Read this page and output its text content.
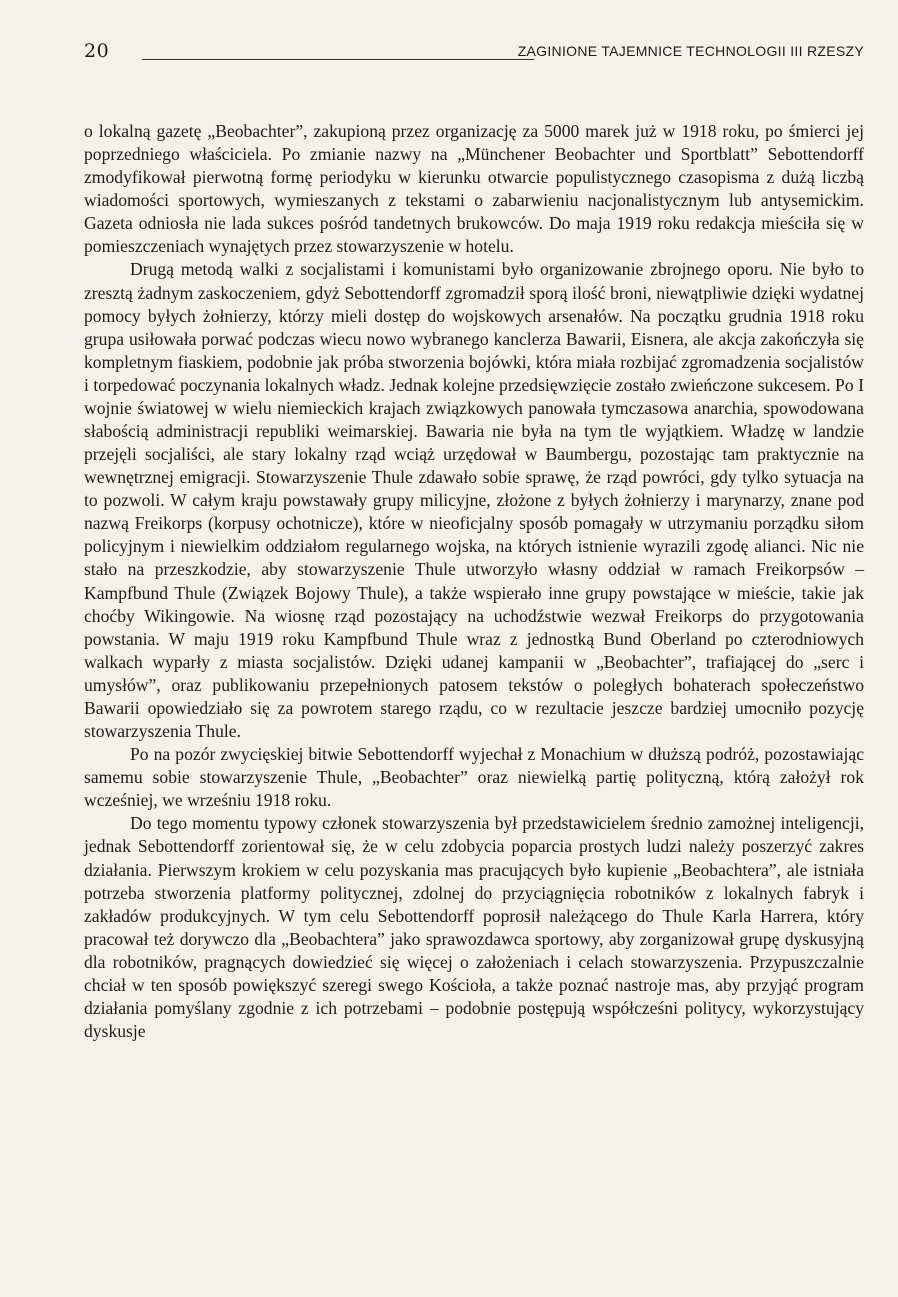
20	ZAGINIONE TAJEMNICE TECHNOLOGII III RZESZY

o lokalną gazetę „Beobachter”, zakupioną przez organizację za 5000 marek już w 1918 roku, po śmierci jej poprzedniego właściciela. Po zmianie nazwy na „Münchener Beobachter und Sportblatt” Sebottendorff zmodyfikował pierwotną formę periodyku w kierunku otwarcie populistycznego czasopisma z dużą liczbą wiadomości sportowych, wymieszanych z tekstami o zabarwieniu nacjonalistycznym lub antysemickim. Gazeta odniosła nie lada sukces pośród tandetnych brukowców. Do maja 1919 roku redakcja mieściła się w pomieszczeniach wynajętych przez stowarzyszenie w hotelu.

Drugą metodą walki z socjalistami i komunistami było organizowanie zbrojnego oporu. Nie było to zresztą żadnym zaskoczeniem, gdyż Sebottendorff zgromadził sporą ilość broni, niewątpliwie dzięki wydatnej pomocy byłych żołnierzy, którzy mieli dostęp do wojskowych arsenałów. Na początku grudnia 1918 roku grupa usiłowała porwać podczas wiecu nowo wybranego kanclerza Bawarii, Eisnera, ale akcja zakończyła się kompletnym fiaskiem, podobnie jak próba stworzenia bojówki, która miała rozbijać zgromadzenia socjalistów i torpedować poczynania lokalnych władz. Jednak kolejne przedsięwzięcie zostało zwieńczone sukcesem. Po I wojnie światowej w wielu niemieckich krajach związkowych panowała tymczasowa anarchia, spowodowana słabością administracji republiki weimarskiej. Bawaria nie była na tym tle wyjątkiem. Władzę w landzie przejęli socjaliści, ale stary lokalny rząd wciąż urzędował w Baumbergu, pozostając tam praktycznie na wewnętrznej emigracji. Stowarzyszenie Thule zdawało sobie sprawę, że rząd powróci, gdy tylko sytuacja na to pozwoli. W całym kraju powstawały grupy milicyjne, złożone z byłych żołnierzy i marynarzy, znane pod nazwą Freikorps (korpusy ochotnicze), które w nieoficjalny sposób pomagały w utrzymaniu porządku siłom policyjnym i niewielkim oddziałom regularnego wojska, na których istnienie wyrazili zgodę alianci. Nic nie stało na przeszkodzie, aby stowarzyszenie Thule utworzyło własny oddział w ramach Freikorpsów – Kampfbund Thule (Związek Bojowy Thule), a także wspierało inne grupy powstające w mieście, takie jak choćby Wikingowie. Na wiosnę rząd pozostający na uchodźstwie wezwał Freikorps do przygotowania powstania. W maju 1919 roku Kampfbund Thule wraz z jednostką Bund Oberland po czterodniowych walkach wyparły z miasta socjalistów. Dzięki udanej kampanii w „Beobachter”, trafiającej do „serc i umysłów”, oraz publikowaniu przepełnionych patosem tekstów o poległych bohaterach społeczeństwo Bawarii opowiedziało się za powrotem starego rządu, co w rezultacie jeszcze bardziej umocniło pozycję stowarzyszenia Thule.

Po na pozór zwycięskiej bitwie Sebottendorff wyjechał z Monachium w dłuższą podróż, pozostawiając samemu sobie stowarzyszenie Thule, „Beobachter” oraz niewielką partię polityczną, którą założył rok wcześniej, we wrześniu 1918 roku.

Do tego momentu typowy członek stowarzyszenia był przedstawicielem średnio zamożnej inteligencji, jednak Sebottendorff zorientował się, że w celu zdobycia poparcia prostych ludzi należy poszerzyć zakres działania. Pierwszym krokiem w celu pozyskania mas pracujących było kupienie „Beobachtera”, ale istniała potrzeba stworzenia platformy politycznej, zdolnej do przyciągnięcia robotników z lokalnych fabryk i zakładów produkcyjnych. W tym celu Sebottendorff poprosił należącego do Thule Karla Harrera, który pracował też dorywczo dla „Beobachtera” jako sprawozdawca sportowy, aby zorganizował grupę dyskusyjną dla robotników, pragnących dowiedzieć się więcej o założeniach i celach stowarzyszenia. Przypuszczalnie chciał w ten sposób powiększyć szeregi swego Kościoła, a także poznać nastroje mas, aby przyjąć program działania pomyślany zgodnie z ich potrzebami – podobnie postępują współcześni politycy, wykorzystujący dyskusje
